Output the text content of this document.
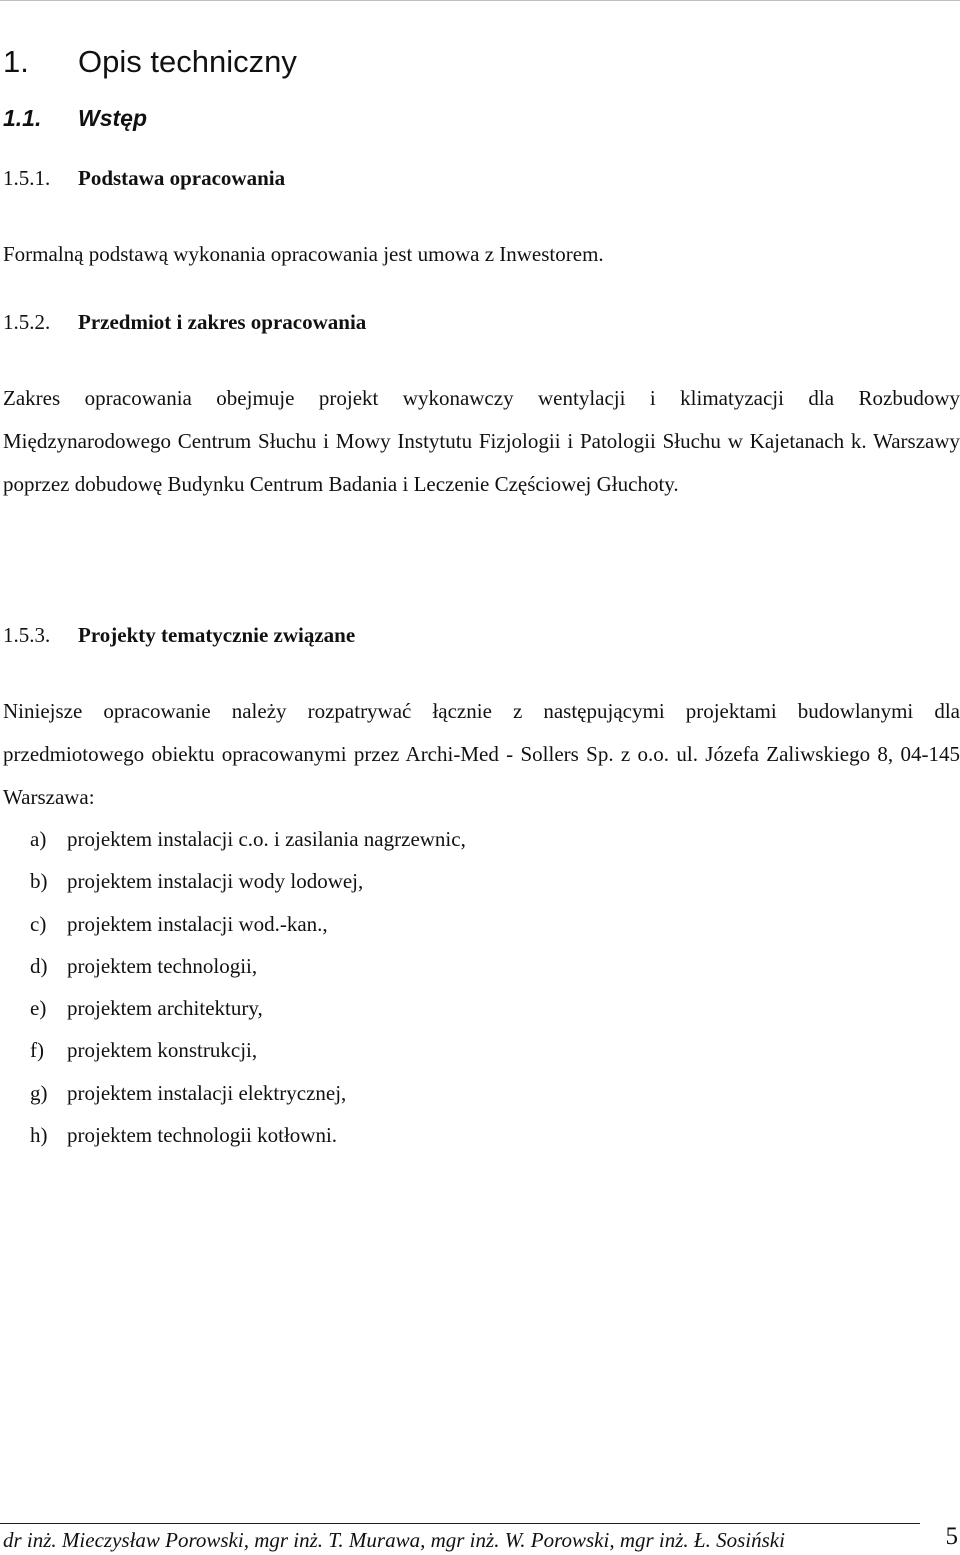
1. Opis techniczny
1.1. Wstęp
1.5.1. Podstawa opracowania
Formalną podstawą wykonania opracowania jest umowa z Inwestorem.
1.5.2. Przedmiot i zakres opracowania
Zakres opracowania obejmuje projekt wykonawczy wentylacji i klimatyzacji dla Rozbudowy Międzynarodowego Centrum Słuchu i Mowy Instytutu Fizjologii i Patologii Słuchu w Kajetanach k. Warszawy poprzez dobudowę Budynku Centrum Badania i Leczenie Częściowej Głuchoty.
1.5.3. Projekty tematycznie związane
Niniejsze opracowanie należy rozpatrywać łącznie z następującymi projektami budowlanymi dla przedmiotowego obiektu opracowanymi przez Archi-Med - Sollers Sp. z o.o. ul. Józefa Zaliwskiego 8, 04-145 Warszawa:
a) projektem instalacji c.o. i zasilania nagrzewnic,
b) projektem instalacji wody lodowej,
c) projektem instalacji wod.-kan.,
d) projektem technologii,
e) projektem architektury,
f) projektem konstrukcji,
g) projektem instalacji elektrycznej,
h) projektem technologii kotłowni.
dr inż. Mieczysław Porowski, mgr inż. T. Murawa, mgr inż. W. Porowski, mgr inż. Ł. Sosiński	5
